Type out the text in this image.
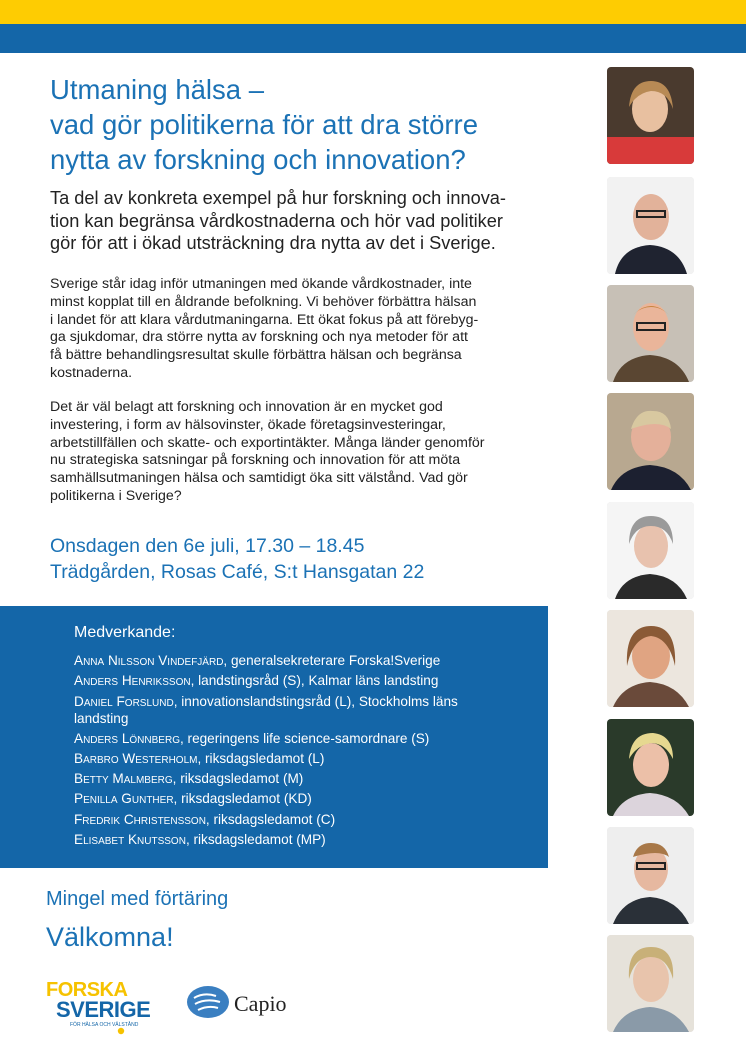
Utmaning hälsa –
vad gör politikerna för att dra större
nytta av forskning och innovation?
Ta del av konkreta exempel på hur forskning och innova-
tion kan begränsa vårdkostnaderna och hör vad politiker
gör för att i ökad utsträckning dra nytta av det i Sverige.
Sverige står idag inför utmaningen med ökande vårdkostnader, inte
minst kopplat till en åldrande befolkning. Vi behöver förbättra hälsan
i landet för att klara vårdutmaningarna. Ett ökat fokus på att förebyg-
ga sjukdomar, dra större nytta av forskning och nya metoder för att
få bättre behandlingsresultat skulle förbättra hälsan och begränsa
kostnaderna.
Det är väl belagt att forskning och innovation är en mycket god
investering, i form av hälsovinster, ökade företagsinvesteringar,
arbetstillfällen och skatte- och exportintäkter. Många länder genomför
nu strategiska satsningar på forskning och innovation för att möta
samhällsutmaningen hälsa och samtidigt öka sitt välstånd. Vad gör
politikerna i Sverige?
Onsdagen den 6e juli, 17.30 – 18.45
Trädgården, Rosas Café, S:t Hansgatan 22
Medverkande:
Anna Nilsson Vindefjärd, generalsekreterare Forska!Sverige
Anders Henriksson, landstingsråd (S), Kalmar läns landsting
Daniel Forslund, innovationslandstingsråd (L), Stockholms läns landsting
Anders Lönnberg, regeringens life science-samordnare (S)
Barbro Westerholm, riksdagsledamot (L)
Betty Malmberg, riksdagsledamot (M)
Penilla Gunther, riksdagsledamot (KD)
Fredrik Christensson, riksdagsledamot (C)
Elisabet Knutsson, riksdagsledamot (MP)
Mingel med förtäring
Välkomna!
FORSKA
SVERIGE
FÖR HÄLSA OCH VÄLSTÅND
Capio
